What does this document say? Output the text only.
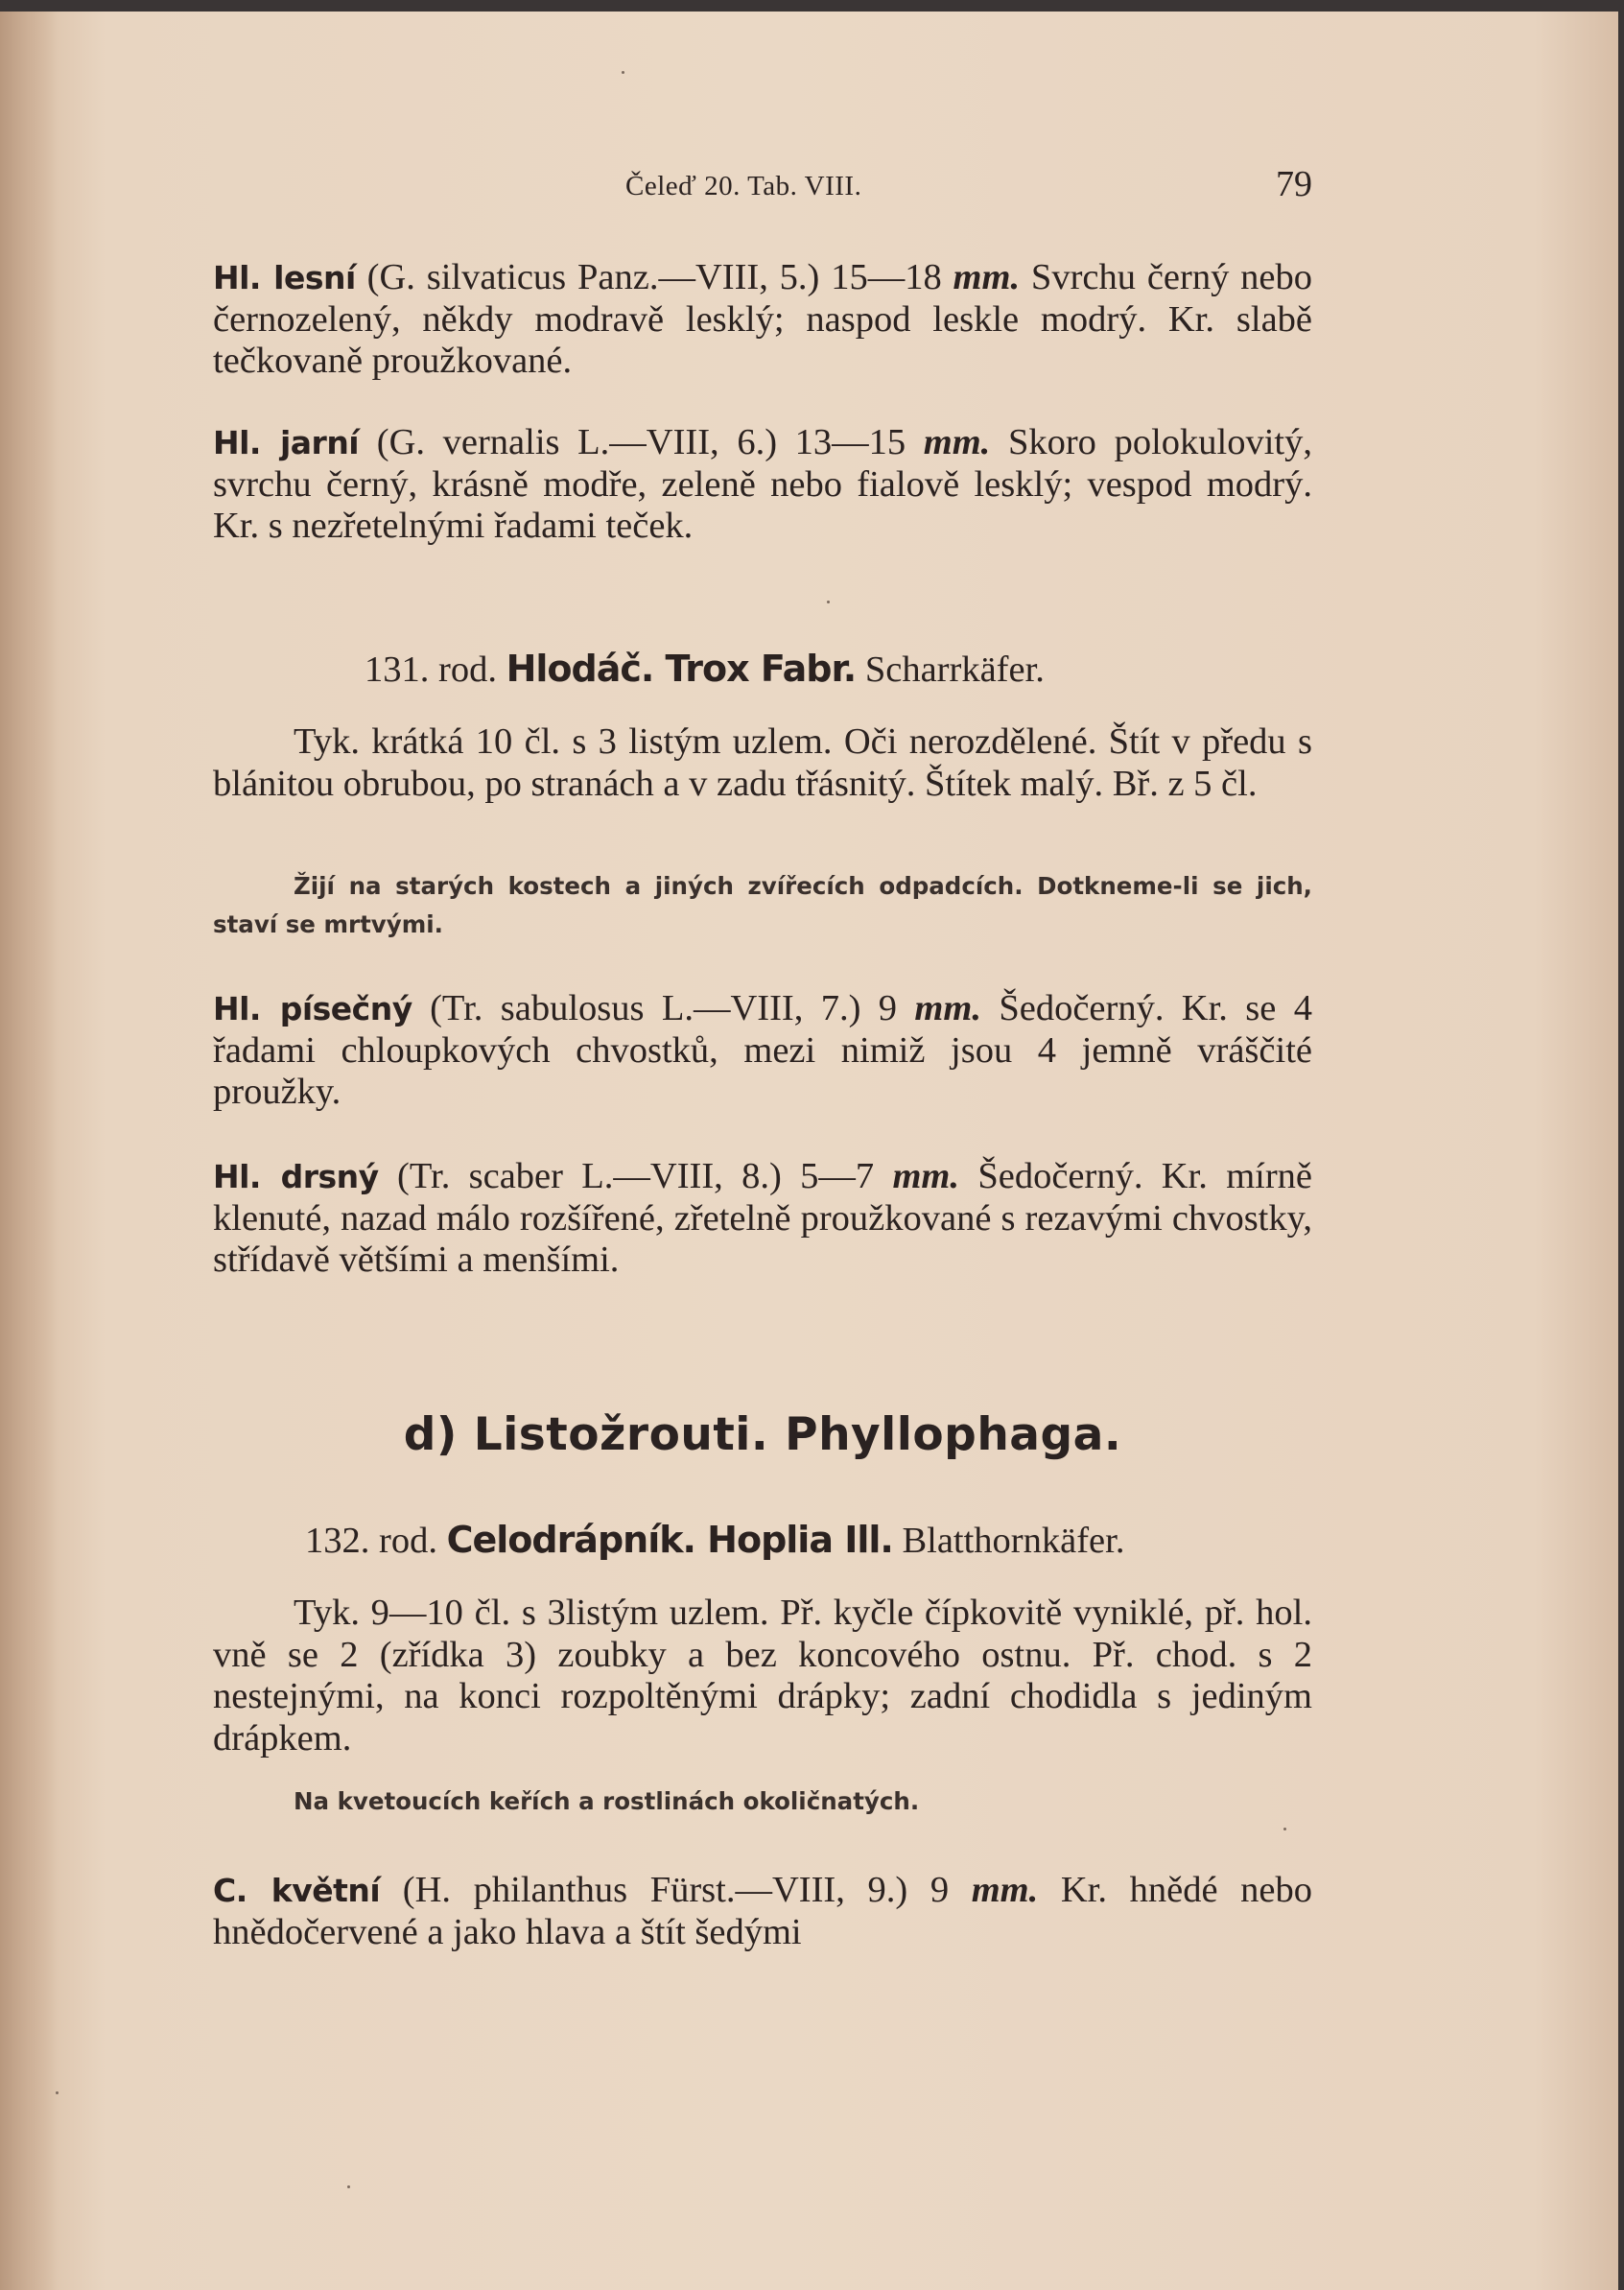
Čeleď 20. Tab. VIII.	79

Hl. lesní (G. silvaticus Panz.—VIII, 5.) 15—18 mm. Svrchu černý nebo černozelený, někdy modravě lesklý; naspod leskle modrý. Kr. slabě tečkovaně proužkované.

Hl. jarní (G. vernalis L.—VIII, 6.) 13—15 mm. Skoro polokulovitý, svrchu černý, krásně modře, zeleně nebo fialově lesklý; vespod modrý. Kr. s nezřetelnými řadami teček.

131. rod. Hlodáč. Trox Fabr. Scharrkäfer.

Tyk. krátká 10 čl. s 3 listým uzlem. Oči nerozdělené. Štít v předu s blánitou obrubou, po stranách a v zadu třásnitý. Štítek malý. Bř. z 5 čl.

Žijí na starých kostech a jiných zvířecích odpadcích. Dotkneme-li se jich, staví se mrtvými.

Hl. písečný (Tr. sabulosus L.—VIII, 7.) 9 mm. Šedočerný. Kr. se 4 řadami chloupkových chvostků, mezi nimiž jsou 4 jemně vráščité proužky.

Hl. drsný (Tr. scaber L.—VIII, 8.) 5—7 mm. Šedočerný. Kr. mírně klenuté, nazad málo rozšířené, zřetelně proužkované s rezavými chvostky, střídavě většími a menšími.

d) Listožrouti. Phyllophaga.

132. rod. Celodrápník. Hoplia Ill. Blatthornkäfer.

Tyk. 9—10 čl. s 3listým uzlem. Př. kyčle čípkovitě vyniklé, př. hol. vně se 2 (zřídka 3) zoubky a bez koncového ostnu. Př. chod. s 2 nestejnými, na konci rozpoltěnými drápky; zadní chodidla s jediným drápkem.

Na kvetoucích keřích a rostlinách okoličnatých.

C. květní (H. philanthus Fürst.—VIII, 9.) 9 mm. Kr. hnědé nebo hnědočervené a jako hlava a štít šedými
